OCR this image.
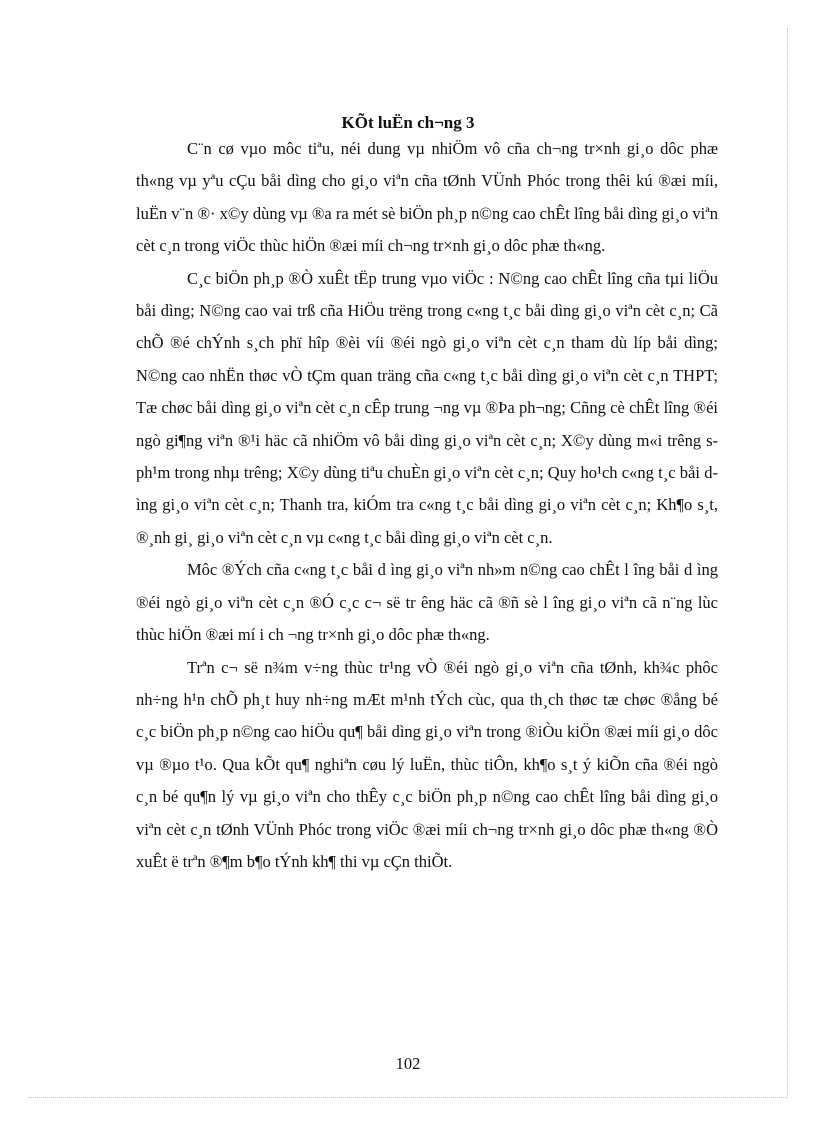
KÕt luËn ch¬ng 3

C¨n cø vµo môc tiªu, néi dung vµ nhiÖm vô cña ch¬ng tr×nh gi¸o dôc phæ th«ng vµ yªu cÇu båi dìng cho gi¸o viªn cña tØnh VÜnh Phóc trong thêi kú ®æi míi, luËn v¨n ®· x©y dùng vµ ®a ra mét sè biÖn ph¸p n©ng cao chÊt lîng båi dìng gi¸o viªn cèt c¸n trong viÖc thùc hiÖn ®æi míi ch¬ng tr×nh gi¸o dôc phæ th«ng.

C¸c biÖn ph¸p ®Ò xuÊt tËp trung vµo viÖc : N©ng cao chÊt lîng cña tµi liÖu båi dìng; N©ng cao vai trß cña HiÖu trëng trong c«ng t¸c båi dìng gi¸o viªn cèt c¸n; Cã chÕ ®é chÝnh s¸ch phï hîp ®èi víi ®éi ngò gi¸o viªn cèt c¸n tham dù líp båi dìng; N©ng cao nhËn thøc vÒ tÇm quan träng cña c«ng t¸c båi dìng gi¸o viªn cèt c¸n THPT; Tæ chøc båi dìng gi¸o viªn cèt c¸n cÊp trung ¬ng vµ ®Þa ph¬ng; Cñng cè chÊt lîng ®éi ngò gi¶ng viªn ®¹i häc cã nhiÖm vô båi dìng gi¸o viªn cèt c¸n; X©y dùng m«i trêng s ph¹m trong nhµ trêng; X©y dùng tiªu chuÈn gi¸o viªn cèt c¸n; Quy ho¹ch c«ng t¸c båi dìng gi¸o viªn cèt c¸n; Thanh tra, kiÓm tra c«ng t¸c båi dìng gi¸o viªn cèt c¸n; Kh¶o s¸t, ®¸nh gi¸ gi¸o viªn cèt c¸n vµ c«ng t¸c båi dìng gi¸o viªn cèt c¸n.

Môc ®Ých cña c«ng t¸c båi d ìng gi¸o viªn nh»m n©ng cao chÊt l îng båi d ìng ®éi ngò gi¸o viªn cèt c¸n ®Ó c¸c c¬ së tr êng häc cã ®ñ sè l îng gi¸o viªn cã n¨ng lùc thùc hiÖn ®æi mí i ch ¬ng tr×nh gi¸o dôc phæ th«ng.

Trªn c¬ së n¾m v÷ng thùc tr¹ng vÒ ®éi ngò gi¸o viªn cña tØnh, kh¾c phôc nh÷ng h¹n chÕ ph¸t huy nh÷ng mÆt m¹nh tÝch cùc, qua th¸ch thøc tæ chøc ®ång bé c¸c biÖn ph¸p n©ng cao hiÖu qu¶ båi dìng gi¸o viªn trong ®iÒu kiÖn ®æi míi gi¸o dôc vµ ®µo t¹o. Qua kÕt qu¶ nghiªn cøu lý luËn, thùc tiÔn, kh¶o s¸t ý kiÕn cña ®éi ngò c¸n bé qu¶n lý vµ gi¸o viªn cho thÊy c¸c biÖn ph¸p n©ng cao chÊt lîng båi dìng gi¸o viªn cèt c¸n tØnh VÜnh Phóc trong viÖc ®æi míi ch¬ng tr×nh gi¸o dôc phæ th«ng ®Ò xuÊt ë trªn ®¶m b¶o tÝnh kh¶ thi vµ cÇn thiÕt.

102
